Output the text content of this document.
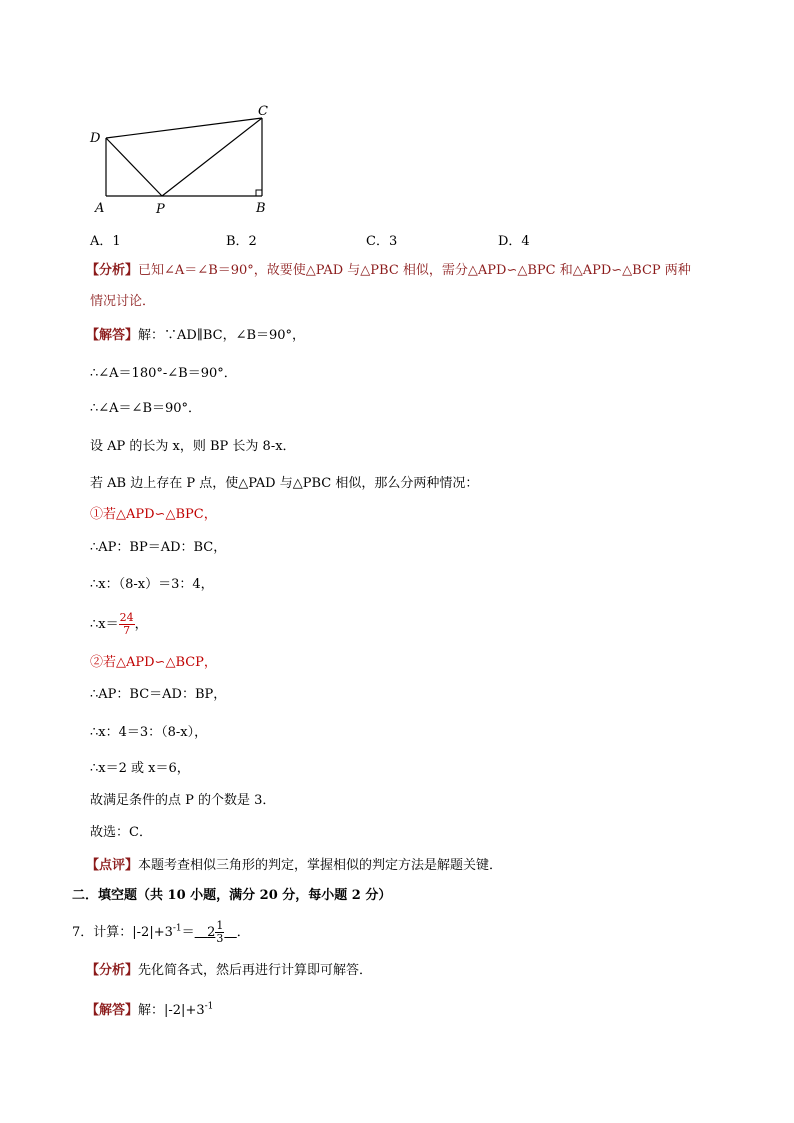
D
C
A	P	B
A．1	B．2	C．3	D．4
【分析】已知∠A＝∠B＝90°，故要使△PAD 与△PBC 相似，需分△APD∽△BPC 和△APD∽△BCP 两种
情况讨论．
【解答】解：∵AD∥BC，∠B＝90°，
∴∠A＝180°-∠B＝90°．
∴∠A＝∠B＝90°．
设 AP 的长为 x，则 BP 长为 8-x．
若 AB 边上存在 P 点，使△PAD 与△PBC 相似，那么分两种情况：
①若△APD∽△BPC，
∴AP：BP＝AD：BC，
∴x：（8-x）＝3：4，
∴x＝ $\frac{24}{7}$ ，
②若△APD∽△BCP，
∴AP：BC＝AD：BP，
∴x：4＝3：（8-x），
∴x＝2 或 x＝6，
故满足条件的点 P 的个数是 3．
故选：C．
【点评】本题考查相似三角形的判定，掌握相似的判定方法是解题关键．
二．填空题（共 10 小题，满分 20 分，每小题 2 分）
7．计算：$|-2|+3^{-1}= 2 \frac{1}{3}$ ．
【分析】先化简各式，然后再进行计算即可解答．
【解答】解：$|-2|+3^{-1}$
